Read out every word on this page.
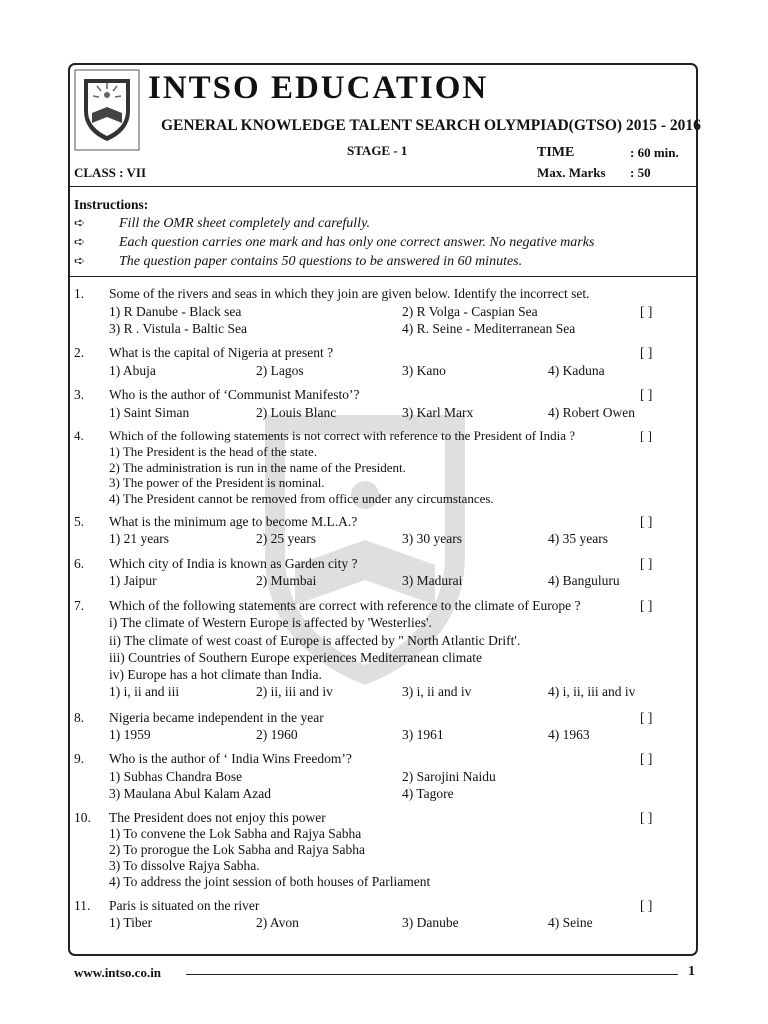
INTSO EDUCATION
GENERAL KNOWLEDGE TALENT SEARCH OLYMPIAD(GTSO) 2015 - 2016
STAGE - 1	TIME	: 60 min.
CLASS : VII	Max. Marks : 50
Instructions:
➪ Fill the OMR sheet completely and carefully.
➪ Each question carries one mark and has only one correct answer. No negative marks
➪ The question paper contains 50 questions to be answered in 60 minutes.
1. Some of the rivers and seas in which they join are given below. Identify the incorrect set.
1) R Danube - Black sea	2) R Volga - Caspian Sea	[ ]
3) R . Vistula - Baltic Sea	4) R. Seine - Mediterranean Sea
2. What is the capital of Nigeria at present ?	[ ]
1) Abuja	2) Lagos	3) Kano	4) Kaduna
3. Who is the author of ‘Communist Manifesto’?	[ ]
1) Saint Siman	2) Louis Blanc	3) Karl Marx	4) Robert Owen
4. Which of the following statements is not correct with reference to the President of India ?	[ ]
1) The President is the head of the state.
2) The administration is run in the name of the President.
3) The power of the President is nominal.
4) The President cannot be removed from office under any circumstances.
5. What is the minimum age to become M.L.A.?	[ ]
1) 21 years	2) 25 years	3) 30 years	4) 35 years
6. Which city of India is known as Garden city ?	[ ]
1) Jaipur	2) Mumbai	3) Madurai	4) Banguluru
7. Which of the following statements are correct with reference to the climate of Europe ?	[ ]
i) The climate of Western Europe is affected by 'Westerlies'.
ii) The climate of west coast of Europe is affected by " North Atlantic Drift'.
iii) Countries of Southern Europe experiences Mediterranean climate
iv) Europe has a hot climate than India.
1) i, ii and iii	2) ii, iii and iv	3) i, ii and iv	4) i, ii, iii and iv
8. Nigeria became independent in the year	[ ]
1) 1959	2) 1960	3) 1961	4) 1963
9. Who is the author of ‘ India Wins Freedom’?	[ ]
1) Subhas Chandra Bose	2) Sarojini Naidu
3) Maulana Abul Kalam Azad	4) Tagore
10. The President does not enjoy this power	[ ]
1) To convene the Lok Sabha and Rajya Sabha
2) To prorogue the Lok Sabha and Rajya Sabha
3) To dissolve Rajya Sabha.
4) To address the joint session of both houses of Parliament
11. Paris is situated on the river	[ ]
1) Tiber	2) Avon	3) Danube	4) Seine
www.intso.co.in	1
